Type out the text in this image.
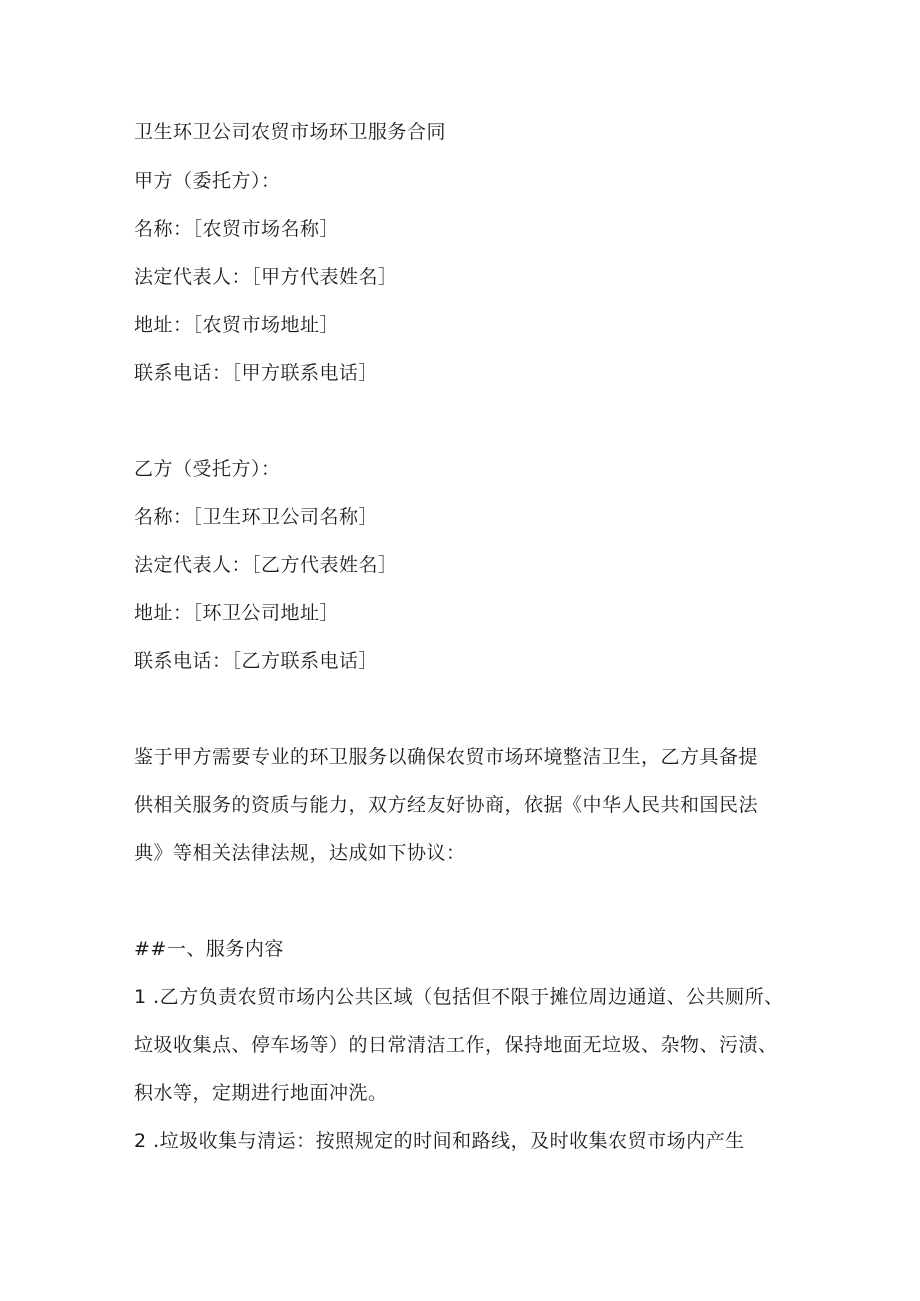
卫生环卫公司农贸市场环卫服务合同
甲方（委托方）：
名称：［农贸市场名称］
法定代表人：［甲方代表姓名］
地址：［农贸市场地址］
联系电话：［甲方联系电话］
乙方（受托方）：
名称：［卫生环卫公司名称］
法定代表人：［乙方代表姓名］
地址：［环卫公司地址］
联系电话：［乙方联系电话］
鉴于甲方需要专业的环卫服务以确保农贸市场环境整洁卫生，乙方具备提
供相关服务的资质与能力，双方经友好协商，依据《中华人民共和国民法
典》等相关法律法规，达成如下协议：
##一、服务内容
1 .乙方负责农贸市场内公共区域（包括但不限于摊位周边通道、公共厕所、
垃圾收集点、停车场等）的日常清洁工作，保持地面无垃圾、杂物、污渍、
积水等，定期进行地面冲洗。
2 .垃圾收集与清运：按照规定的时间和路线，及时收集农贸市场内产生
